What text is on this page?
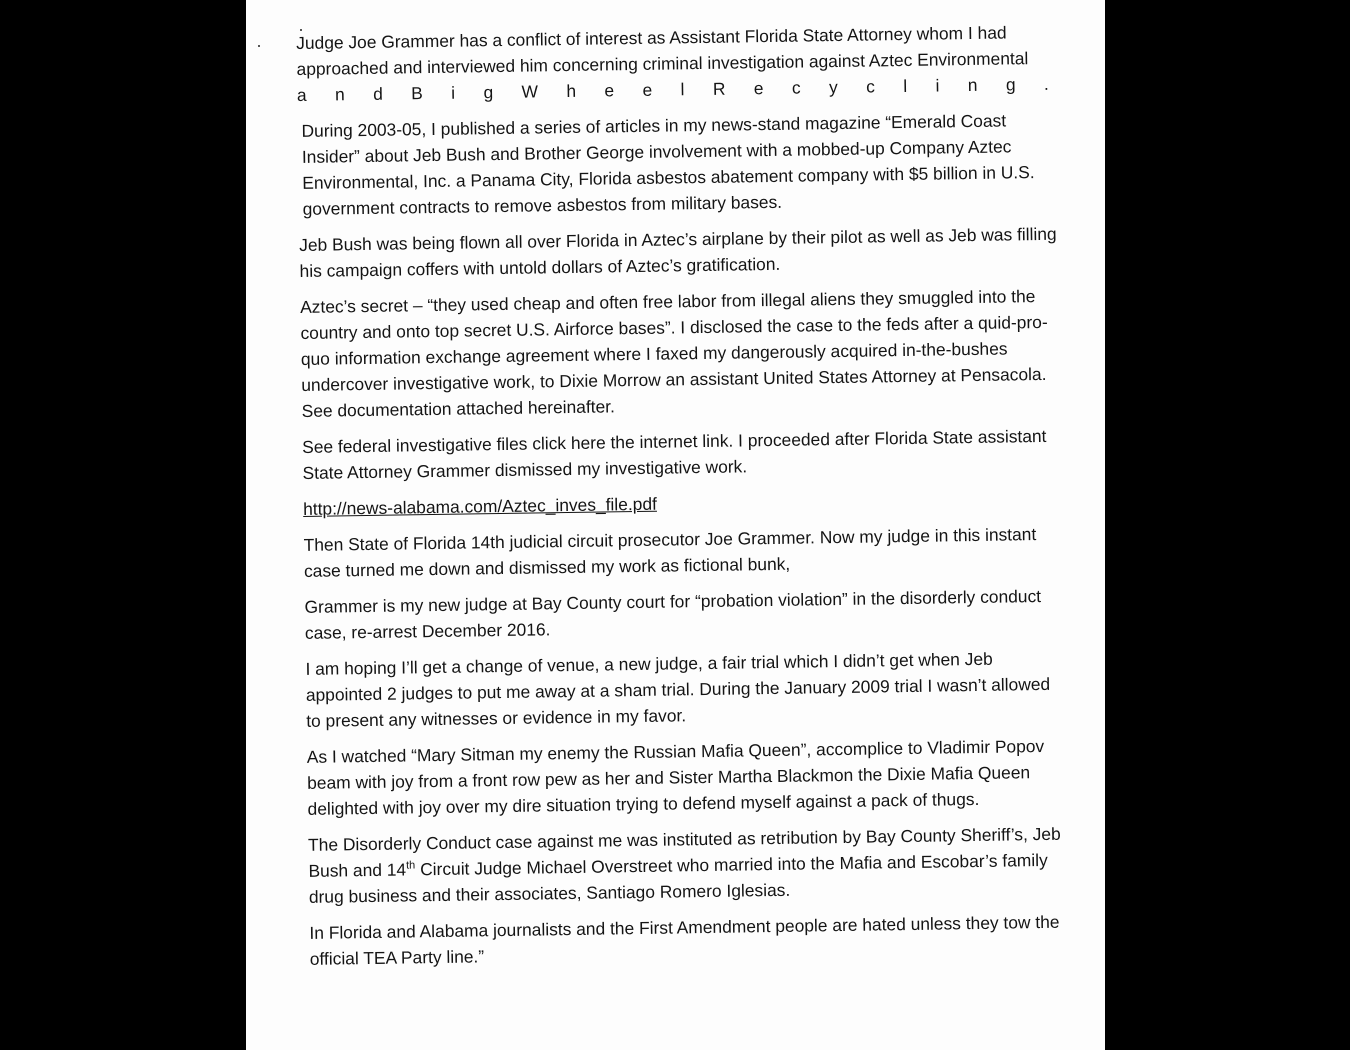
Judge Joe Grammer has a conflict of interest as Assistant Florida State Attorney whom I had approached and interviewed him concerning criminal investigation against Aztec Environmental

a n d B i g W h e e l R e c y c l i n g .

During 2003-05, I published a series of articles in my news-stand magazine “Emerald Coast Insider” about Jeb Bush and Brother George involvement with a mobbed-up Company Aztec Environmental, Inc. a Panama City, Florida asbestos abatement company with $5 billion in U.S. government contracts to remove asbestos from military bases.

Jeb Bush was being flown all over Florida in Aztec’s airplane by their pilot as well as Jeb was filling his campaign coffers with untold dollars of Aztec’s gratification.

Aztec’s secret – “they used cheap and often free labor from illegal aliens they smuggled into the country and onto top secret U.S. Airforce bases”. I disclosed the case to the feds after a quid-pro-quo information exchange agreement where I faxed my dangerously acquired in-the-bushes undercover investigative work, to Dixie Morrow an assistant United States Attorney at Pensacola. See documentation attached hereinafter.

See federal investigative files click here the internet link. I proceeded after Florida State assistant State Attorney Grammer dismissed my investigative work.

http://news-alabama.com/Aztec_inves_file.pdf

Then State of Florida 14th judicial circuit prosecutor Joe Grammer. Now my judge in this instant case turned me down and dismissed my work as fictional bunk,

Grammer is my new judge at Bay County court for “probation violation” in the disorderly conduct case, re-arrest December 2016.

I am hoping I’ll get a change of venue, a new judge, a fair trial which I didn’t get when Jeb appointed 2 judges to put me away at a sham trial. During the January 2009 trial I wasn’t allowed to present any witnesses or evidence in my favor.

As I watched “Mary Sitman my enemy the Russian Mafia Queen”, accomplice to Vladimir Popov beam with joy from a front row pew as her and Sister Martha Blackmon the Dixie Mafia Queen delighted with joy over my dire situation trying to defend myself against a pack of thugs.

The Disorderly Conduct case against me was instituted as retribution by Bay County Sheriff’s, Jeb Bush and 14th Circuit Judge Michael Overstreet who married into the Mafia and Escobar’s family drug business and their associates, Santiago Romero Iglesias.

In Florida and Alabama journalists and the First Amendment people are hated unless they tow the official TEA Party line.”
